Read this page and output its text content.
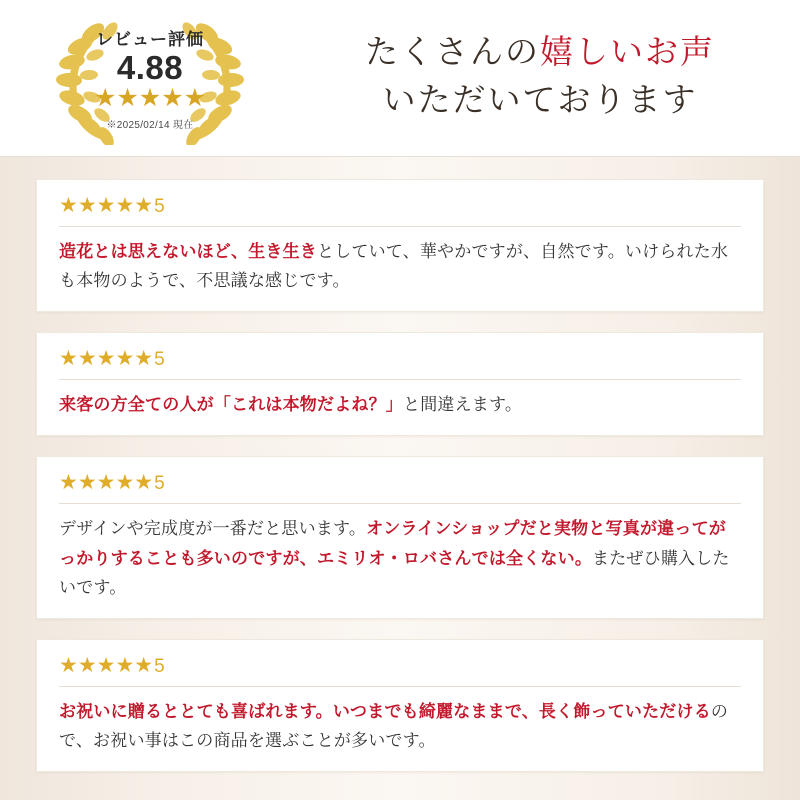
レビュー評価
4.88
★★★★★
※2025/02/14 現在
たくさんの嬉しいお声
いただいております
★★★★★5
造花とは思えないほど、生き生きとしていて、華やかですが、自然です。いけられた水も本物のようで、不思議な感じです。
★★★★★5
来客の方全ての人が「これは本物だよね？」と間違えます。
★★★★★5
デザインや完成度が一番だと思います。オンラインショップだと実物と写真が違ってがっかりすることも多いのですが、エミリオ・ロバさんでは全くない。またぜひ購入したいです。
★★★★★5
お祝いに贈るととても喜ばれます。いつまでも綺麗なままで、長く飾っていただけるので、お祝い事はこの商品を選ぶことが多いです。
